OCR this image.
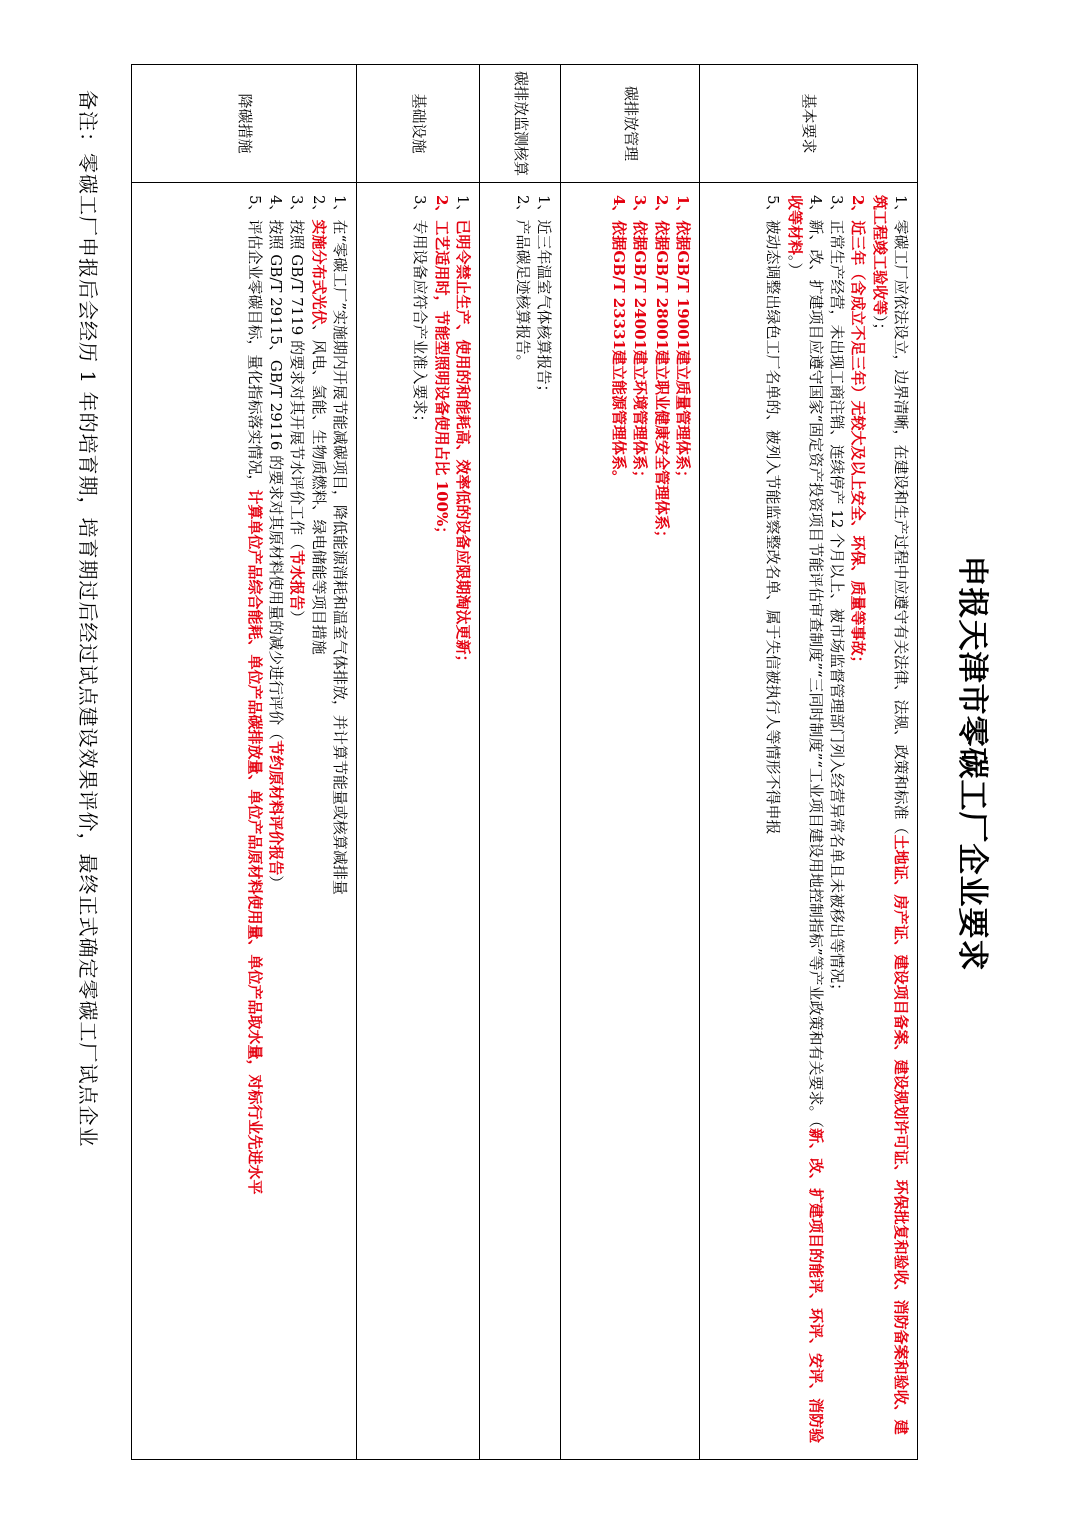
申报天津市零碳工厂企业要求
基本要求	1、零碳工厂应依法设立，边界清晰，在建设和生产过程中应遵守有关法律、法规、政策和标准（土地证、房产证、建设项目备案、建设规划许可证、环保批复和验收、消防备案和验收、建筑工程竣工验收等）；

2、近三年（含成立不足三年）无较大及以上安全、环保、质量等事故；

3、正常生产经营，未出现工商注销、连续停产 12 个月以上、被市场监督管理部门列入经营异常名单且未被移出等情况；

4、新、改、扩建项目应遵守国家“固定资产投资项目节能评估审查制度”“三同时制度”“工业项目建设用地控制指标”等产业政策和有关要求。（新、改、扩建项目的能评、环评、安评、消防验收等材料。）

5、被动态调整出绿色工厂名单的、被列入节能监察整改名单、属于失信被执行人等情形不得申报

碳排放管理	1、依据GB/T 19001建立质量管理体系；

2、依据GB/T 28001建立职业健康安全管理体系；

3、依据GB/T 24001建立环境管理体系；

4、依据GB/T 23331建立能源管理体系。

碳排放监测核算	1、近三年温室气体核算报告；

2、产品碳足迹核算报告。

基础设施	1、已明令禁止生产、使用的和能耗高、效率低的设备应限期淘汰更新；

2、工艺适用时，节能型照明设备使用占比 100%；

3、专用设备应符合产业准入要求；

降碳措施	1、在“零碳工厂”实施期内开展节能减碳项目，降低能源消耗和温室气体排放，并计算节能量或核算减排量

2、实施分布式光伏、风电、氢能、生物质燃料、绿电储能等项目措施

3、按照 GB/T 7119 的要求对其开展节水评价工作（节水报告）

4、按照 GB/T 29115、GB/T 29116 的要求对其原材料使用量的减少进行评价（节约原材料评价报告）

5、评估企业零碳目标，量化指标落实情况，计算单位产品综合能耗、单位产品碳排放量、单位产品原材料使用量、单位产品取水量，对标行业先进水平

备注：零碳工厂申报后会经历 1 年的培育期，培育期过后经过试点建设效果评价，最终正式确定零碳工厂试点企业
